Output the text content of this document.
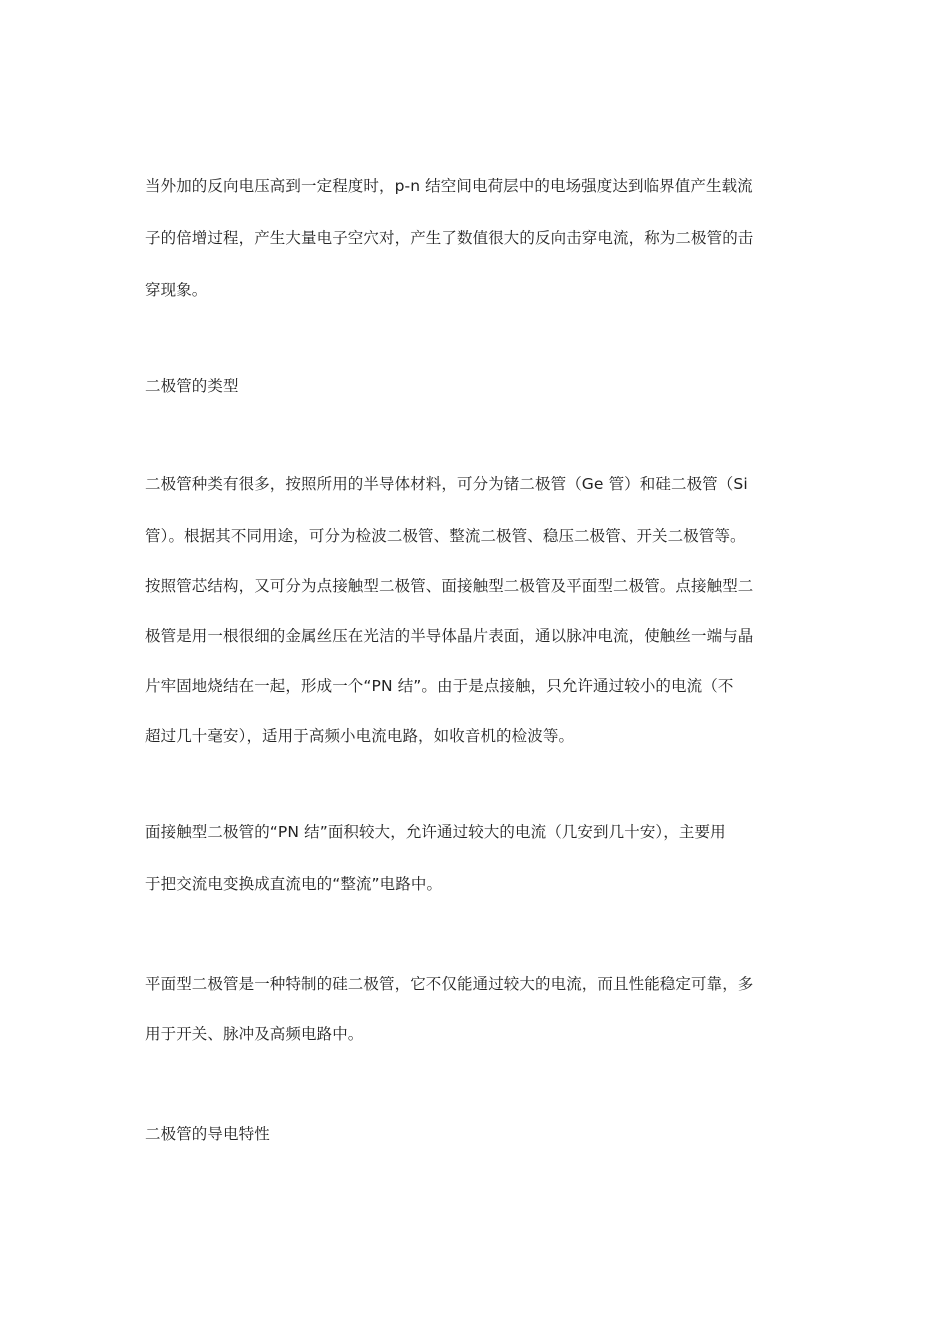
当外加的反向电压高到一定程度时，p-n 结空间电荷层中的电场强度达到临界值产生载流
子的倍增过程，产生大量电子空穴对，产生了数值很大的反向击穿电流，称为二极管的击
穿现象。
二极管的类型
二极管种类有很多，按照所用的半导体材料，可分为锗二极管（Ge 管）和硅二极管（Si
管）。根据其不同用途，可分为检波二极管、整流二极管、稳压二极管、开关二极管等。
按照管芯结构，又可分为点接触型二极管、面接触型二极管及平面型二极管。点接触型二
极管是用一根很细的金属丝压在光洁的半导体晶片表面，通以脉冲电流，使触丝一端与晶
片牢固地烧结在一起，形成一个“PN 结”。由于是点接触，只允许通过较小的电流（不
超过几十毫安），适用于高频小电流电路，如收音机的检波等。
面接触型二极管的“PN 结”面积较大，允许通过较大的电流（几安到几十安），主要用
于把交流电变换成直流电的“整流”电路中。
平面型二极管是一种特制的硅二极管，它不仅能通过较大的电流，而且性能稳定可靠，多
用于开关、脉冲及高频电路中。
二极管的导电特性
